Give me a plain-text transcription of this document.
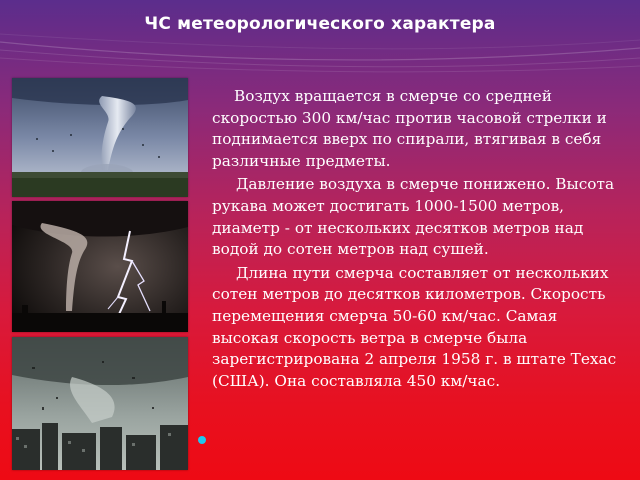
ЧС метеорологического характера

Воздух вращается в смерче со средней скоростью 300 км/час против часовой стрелки и поднимается вверх по спирали, втягивая в себя различные предметы.

Давление воздуха в смерче понижено. Высота рукава может достигать 1000-1500 метров, диаметр - от нескольких десятков метров над водой до сотен метров над сушей.

Длина пути смерча составляет от нескольких сотен метров до десятков километров. Скорость перемещения смерча 50-60 км/час. Самая высокая скорость ветра в смерче была зарегистрирована 2 апреля 1958 г. в штате Техас (США). Она составляла 450 км/час.
